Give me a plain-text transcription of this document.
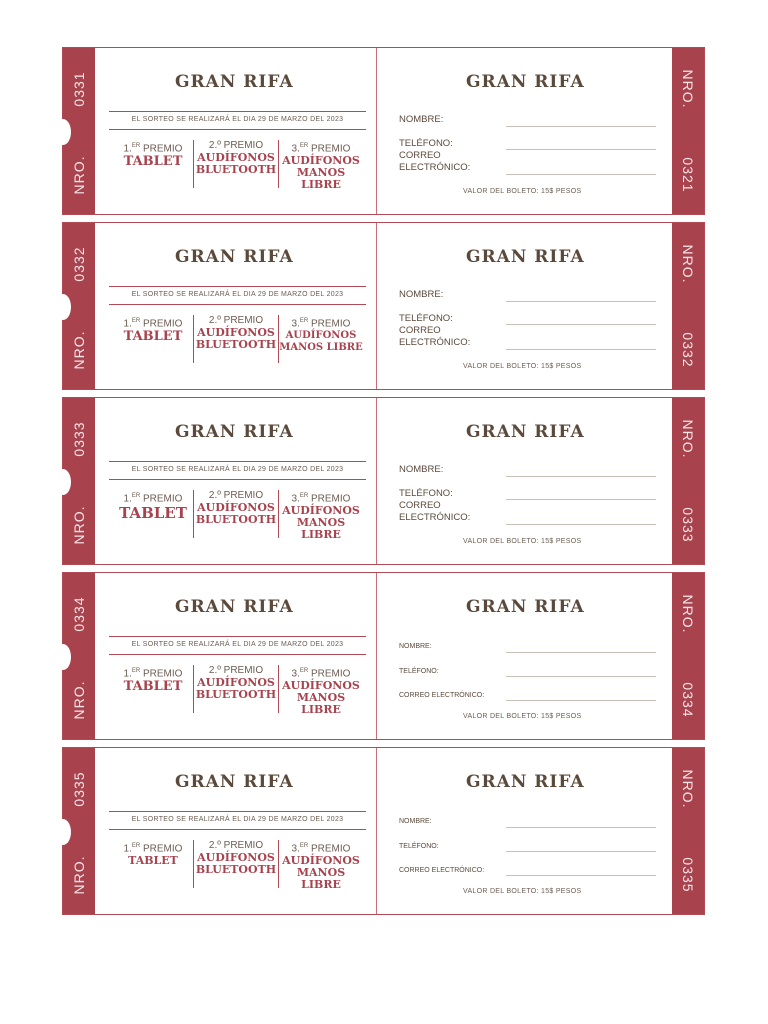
0331
NRO.
GRAN RIFA
EL SORTEO SE REALIZARÁ EL DIA 29 DE MARZO DEL 2023
1.$^{ER}$ PREMIO
TABLET
2.º PREMIO
AUDÍFONOS BLUETOOTH
3.$^{ER}$ PREMIO
AUDÍFONOS MANOS LIBRE
GRAN RIFA
NOMBRE:
TELÉFONO:
CORREO ELECTRÓNICO:
VALOR DEL BOLETO: 15$ PESOS
NRO.
0321
0332
NRO.
GRAN RIFA
EL SORTEO SE REALIZARÁ EL DIA 29 DE MARZO DEL 2023
1.$^{ER}$ PREMIO
TABLET
2.º PREMIO
AUDÍFONOS BLUETOOTH
3.$^{ER}$ PREMIO
AUDÍFONOS MANOS LIBRE
GRAN RIFA
NOMBRE:
TELÉFONO:
CORREO ELECTRÓNICO:
VALOR DEL BOLETO: 15$ PESOS
NRO.
0332
0333
NRO.
GRAN RIFA
EL SORTEO SE REALIZARÁ EL DIA 29 DE MARZO DEL 2023
1.$^{ER}$ PREMIO
TABLET
2.º PREMIO
AUDÍFONOS BLUETOOTH
3.$^{ER}$ PREMIO
AUDÍFONOS MANOS LIBRE
GRAN RIFA
NOMBRE:
TELÉFONO:
CORREO ELECTRÓNICO:
VALOR DEL BOLETO: 15$ PESOS
NRO.
0333
0334
NRO.
GRAN RIFA
EL SORTEO SE REALIZARÁ EL DIA 29 DE MARZO DEL 2023
1.$^{ER}$ PREMIO
TABLET
2.º PREMIO
AUDÍFONOS BLUETOOTH
3.$^{ER}$ PREMIO
AUDÍFONOS MANOS LIBRE
GRAN RIFA
NOMBRE:
TELÉFONO:
CORREO ELECTRÓNICO:
VALOR DEL BOLETO: 15$ PESOS
NRO.
0334
0335
NRO.
GRAN RIFA
EL SORTEO SE REALIZARÁ EL DIA 29 DE MARZO DEL 2023
1.$^{ER}$ PREMIO
TABLET
2.º PREMIO
AUDÍFONOS BLUETOOTH
3.$^{ER}$ PREMIO
AUDÍFONOS MANOS LIBRE
GRAN RIFA
NOMBRE:
TELÉFONO:
CORREO ELECTRÓNICO:
VALOR DEL BOLETO: 15$ PESOS
NRO.
0335
